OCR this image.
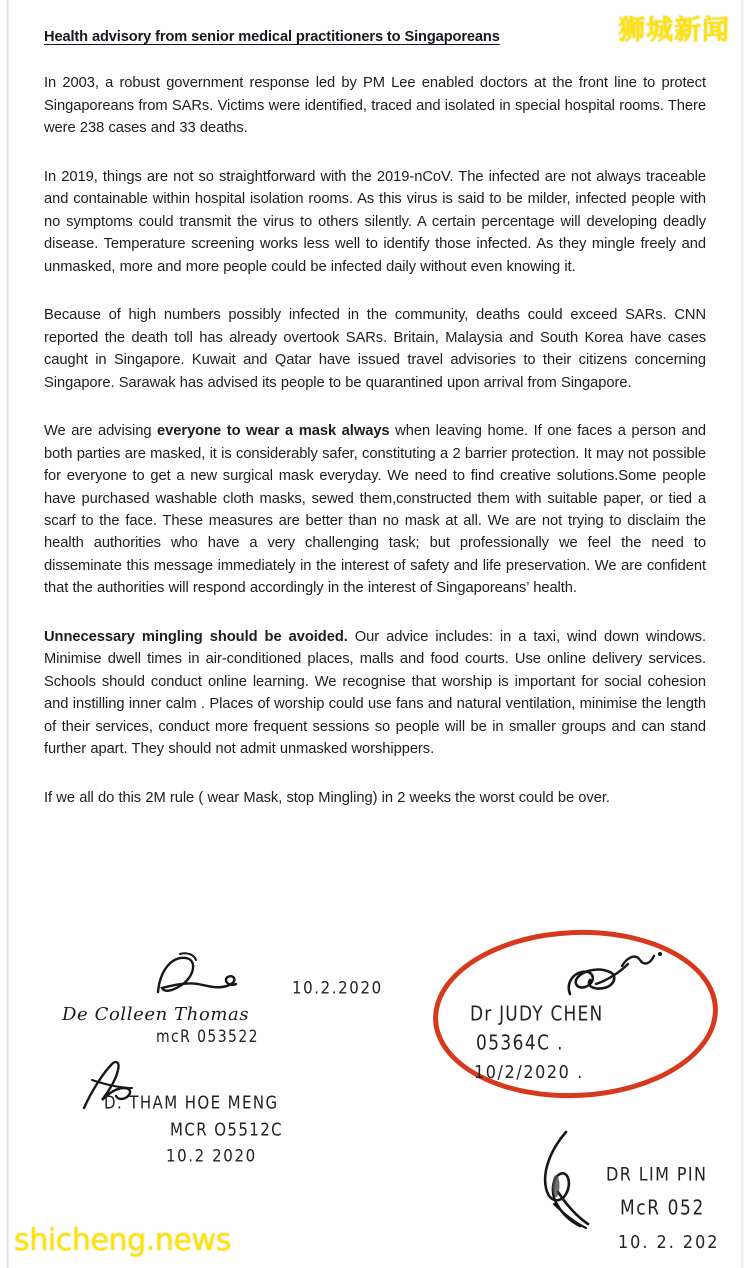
Health advisory from senior medical practitioners to Singaporeans

In 2003, a robust government response led by PM Lee enabled doctors at the front line to protect Singaporeans from SARs. Victims were identified, traced and isolated in special hospital rooms. There were 238 cases and 33 deaths.

In 2019, things are not so straightforward with the 2019-nCoV. The infected are not always traceable and containable within hospital isolation rooms. As this virus is said to be milder, infected people with no symptoms could transmit the virus to others silently. A certain percentage will developing deadly disease. Temperature screening works less well to identify those infected. As they mingle freely and unmasked, more and more people could be infected daily without even knowing it.

Because of high numbers possibly infected in the community, deaths could exceed SARs. CNN reported the death toll has already overtook SARs. Britain, Malaysia and South Korea have cases caught in Singapore. Kuwait and Qatar have issued travel advisories to their citizens concerning Singapore. Sarawak has advised its people to be quarantined upon arrival from Singapore.

We are advising everyone to wear a mask always when leaving home. If one faces a person and both parties are masked, it is considerably safer, constituting a 2 barrier protection. It may not possible for everyone to get a new surgical mask everyday. We need to find creative solutions.Some people have purchased washable cloth masks, sewed them,constructed them with suitable paper, or tied a scarf to the face. These measures are better than no mask at all. We are not trying to disclaim the health authorities who have a very challenging task; but professionally we feel the need to disseminate this message immediately in the interest of safety and life preservation. We are confident that the authorities will respond accordingly in the interest of Singaporeans’ health.

Unnecessary mingling should be avoided. Our advice includes: in a taxi, wind down windows. Minimise dwell times in air-conditioned places, malls and food courts. Use online delivery services. Schools should conduct online learning. We recognise that worship is important for social cohesion and instilling inner calm . Places of worship could use fans and natural ventilation, minimise the length of their services, conduct more frequent sessions so people will be in smaller groups and can stand further apart. They should not admit unmasked worshippers.

If we all do this 2M rule ( wear Mask, stop Mingling) in 2 weeks the worst could be over.

10.2.2020
De Colleen Thomas
mcR 053522
D. THAM HOE MENG
MCR O5512C
10.2 2020
Dr JUDY CHEN
05364C .
10/2/2020 .
DR LIM PIN
McR 052
10. 2. 202
狮城新闻
shicheng.news
